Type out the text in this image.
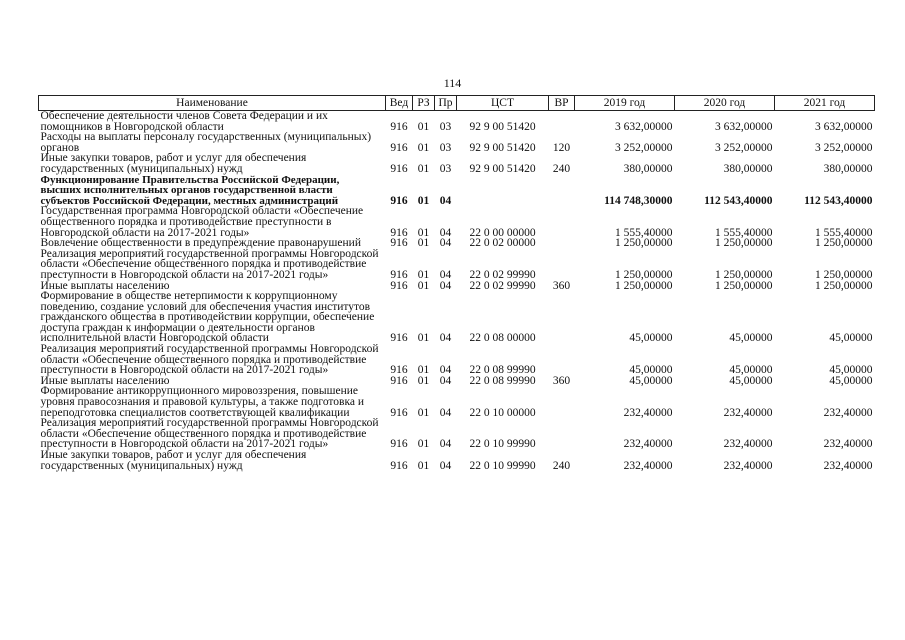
114
Наименование	Вед	РЗ	Пр	ЦСТ	ВР	2019 год	2020 год	2021 год
Обеспечение деятельности членов Совета Федерации и их помощников в Новгородской области	916	01	03	92 9 00 51420		3 632,00000	3 632,00000	3 632,00000
Расходы на выплаты персоналу государственных (муниципальных) органов	916	01	03	92 9 00 51420	120	3 252,00000	3 252,00000	3 252,00000
Иные закупки товаров, работ и услуг для обеспечения государственных (муниципальных) нужд	916	01	03	92 9 00 51420	240	380,00000	380,00000	380,00000
Функционирование Правительства Российской Федерации, высших исполнительных органов государственной власти субъектов Российской Федерации, местных администраций	916	01	04			114 748,30000	112 543,40000	112 543,40000
Государственная программа Новгородской области «Обеспечение общественного порядка и противодействие преступности в Новгородской области на 2017-2021 годы»	916	01	04	22 0 00 00000		1 555,40000	1 555,40000	1 555,40000
Вовлечение общественности в предупреждение правонарушений	916	01	04	22 0 02 00000		1 250,00000	1 250,00000	1 250,00000
Реализация мероприятий государственной программы Новгородской области «Обеспечение общественного порядка и противодействие преступности в Новгородской области на 2017-2021 годы»	916	01	04	22 0 02 99990		1 250,00000	1 250,00000	1 250,00000
Иные выплаты населению	916	01	04	22 0 02 99990	360	1 250,00000	1 250,00000	1 250,00000
Формирование в обществе нетерпимости к коррупционному поведению, создание условий для обеспечения участия институтов гражданского общества в противодействии коррупции, обеспечение доступа граждан к информации о деятельности органов исполнительной власти Новгородской области	916	01	04	22 0 08 00000		45,00000	45,00000	45,00000
Реализация мероприятий государственной программы Новгородской области «Обеспечение общественного порядка и противодействие преступности в Новгородской области на 2017-2021 годы»	916	01	04	22 0 08 99990		45,00000	45,00000	45,00000
Иные выплаты населению	916	01	04	22 0 08 99990	360	45,00000	45,00000	45,00000
Формирование антикоррупционного мировоззрения, повышение уровня правосознания и правовой культуры, а также подготовка и переподготовка специалистов соответствующей квалификации	916	01	04	22 0 10 00000		232,40000	232,40000	232,40000
Реализация мероприятий государственной программы Новгородской области «Обеспечение общественного порядка и противодействие преступности в Новгородской области на 2017-2021 годы»	916	01	04	22 0 10 99990		232,40000	232,40000	232,40000
Иные закупки товаров, работ и услуг для обеспечения государственных (муниципальных) нужд	916	01	04	22 0 10 99990	240	232,40000	232,40000	232,40000
